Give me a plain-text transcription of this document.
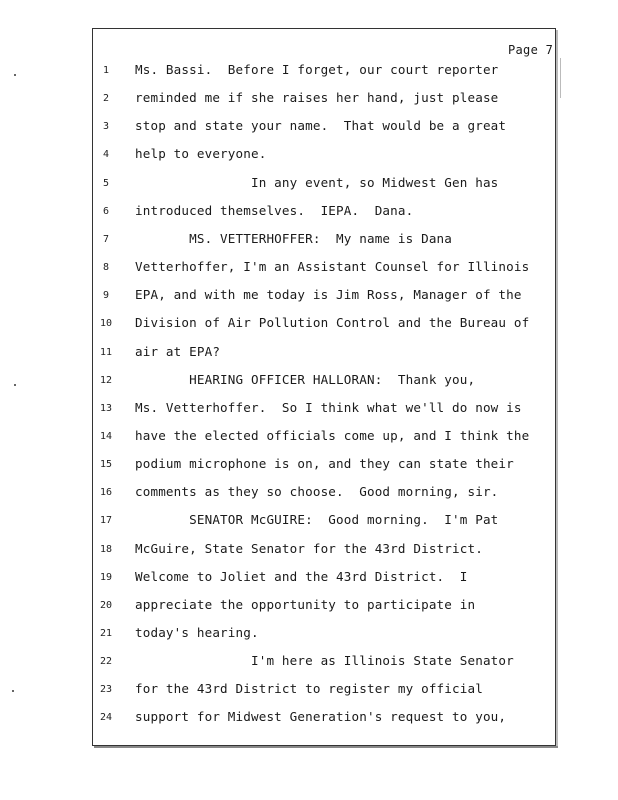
Page 7
1	Ms. Bassi.  Before I forget, our court reporter
2	reminded me if she raises her hand, just please
3	stop and state your name.  That would be a great
4	help to everyone.
5	In any event, so Midwest Gen has
6	introduced themselves.  IEPA.  Dana.
7	MS. VETTERHOFFER:  My name is Dana
8	Vetterhoffer, I'm an Assistant Counsel for Illinois
9	EPA, and with me today is Jim Ross, Manager of the
10	Division of Air Pollution Control and the Bureau of
11	air at EPA?
12	HEARING OFFICER HALLORAN:  Thank you,
13	Ms. Vetterhoffer.  So I think what we'll do now is
14	have the elected officials come up, and I think the
15	podium microphone is on, and they can state their
16	comments as they so choose.  Good morning, sir.
17	SENATOR McGUIRE:  Good morning.  I'm Pat
18	McGuire, State Senator for the 43rd District.
19	Welcome to Joliet and the 43rd District.  I
20	appreciate the opportunity to participate in
21	today's hearing.
22	I'm here as Illinois State Senator
23	for the 43rd District to register my official
24	support for Midwest Generation's request to you,
